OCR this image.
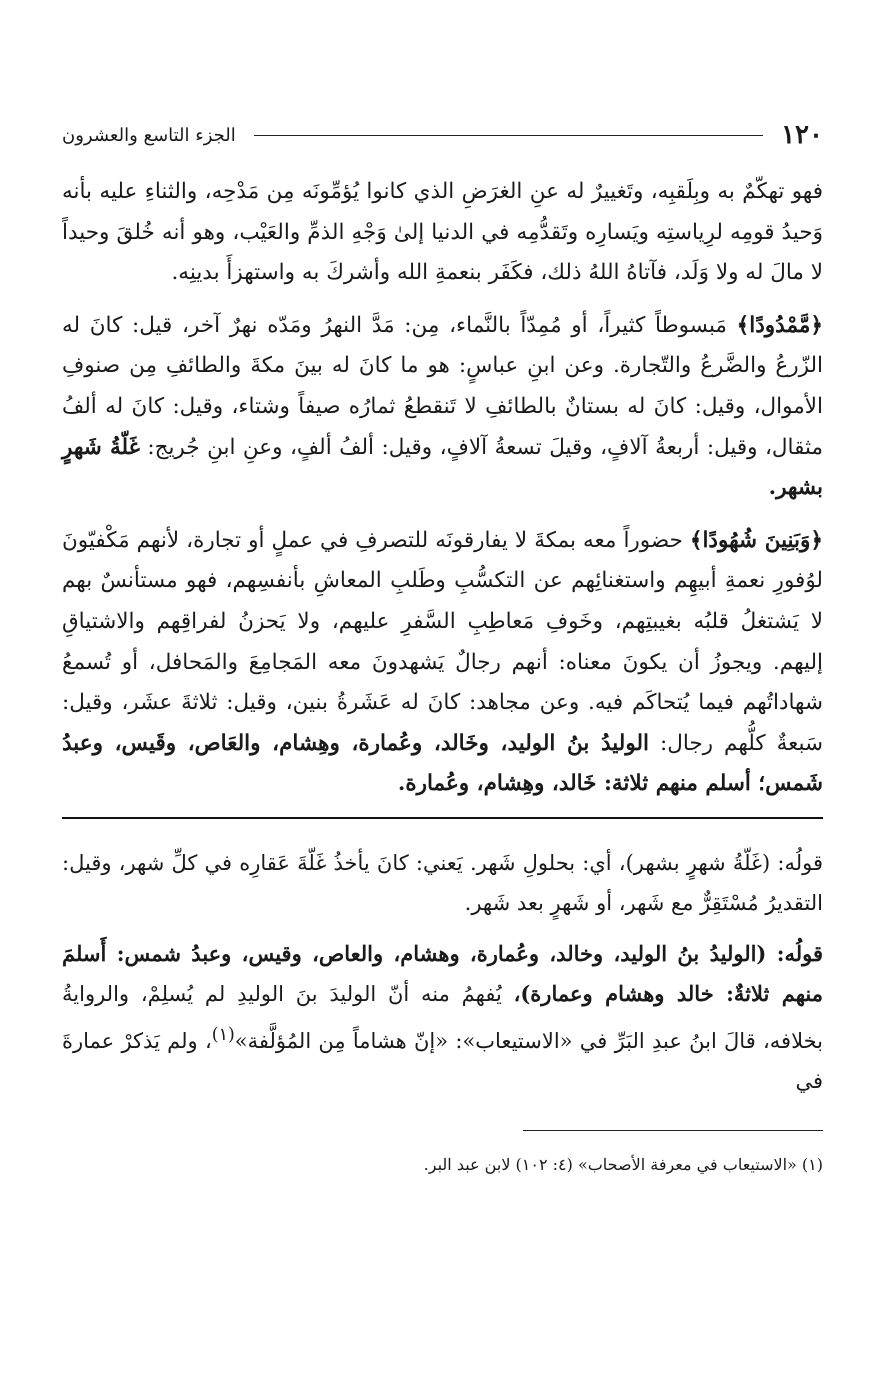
١٢٠
الجزء التاسع والعشرون

فهو تهكّمٌ به وبِلَقبِه، وتَغييرٌ له عنِ الغرَضِ الذي كانوا يُؤمِّونَه مِن مَدْحِه، والثناءِ عليه بأنه وَحيدُ قومِه لرِياستِه ويَسارِه وتَقدُّمِه في الدنيا إلىٰ وَجْهِ الذمِّ والعَيْب، وهو أنه خُلقَ وحيداً لا مالَ له ولا وَلَد، فآتاهُ اللهُ ذلك، فكَفَر بنعمةِ الله وأشركَ به واستهزأَ بدينِه.

﴿مَّمْدُودًا﴾ مَبسوطاً كثيراً، أو مُمِدّاً بالنَّماء، مِن: مَدَّ النهرُ ومَدّه نهرٌ آخر، قيل: كانَ له الزّرعُ والضَّرعُ والتّجارة. وعن ابنِ عباسٍ: هو ما كانَ له بينَ مكةَ والطائفِ مِن صنوفِ الأموال، وقيل: كانَ له بستانٌ بالطائفِ لا تَنقطعُ ثمارُه صيفاً وشتاء، وقيل: كانَ له ألفُ مثقال، وقيل: أربعةُ آلافٍ، وقيلَ تسعةُ آلافٍ، وقيل: ألفُ ألفٍ، وعنِ ابنِ جُريج: غَلّةُ شَهرٍ بشهر.

﴿وَبَنِينَ شُهُودًا﴾ حضوراً معه بمكةَ لا يفارقونَه للتصرفِ في عملٍ أو تجارة، لأنهم مَكْفيّونَ لوُفورِ نعمةِ أبيهِم واستغنائِهم عن التكسُّبِ وطَلبِ المعاشِ بأنفسِهم، فهو مستأنسٌ بهم لا يَشتغلُ قلبُه بغيبتِهم، وخَوفِ مَعاطِبِ السَّفرِ عليهم، ولا يَحزنُ لفراقِهم والاشتياقِ إليهم. ويجوزُ أن يكونَ معناه: أنهم رجالٌ يَشهدونَ معه المَجامِعَ والمَحافل، أو تُسمعُ شهاداتُهم فيما يُتحاكَم فيه. وعن مجاهد: كانَ له عَشَرةُ بنين، وقيل: ثلاثةَ عشَر، وقيل: سَبعةٌ كلُّهم رجال: الوليدُ بنُ الوليد، وخَالد، وعُمارة، وهِشام، والعَاص، وقَيس، وعبدُ شَمس؛ أسلم منهم ثلاثة: خَالد، وهِشام، وعُمارة.

قولُه: (غَلّةُ شهرٍ بشهر)، أي: بحلولِ شَهر. يَعني: كانَ يأخذُ غَلّةَ عَقارِه في كلِّ شهر، وقيل: التقديرُ مُسْتَقِرٌّ مع شَهر، أو شَهرٍ بعد شَهر.

قولُه: (الوليدُ بنُ الوليد، وخالد، وعُمارة، وهشام، والعاص، وقيس، وعبدُ شمس: أَسلمَ منهم ثلاثةٌ: خالد وهشام وعمارة)، يُفهمُ منه أنّ الوليدَ بنَ الوليدِ لم يُسلِمْ، والروايةُ بخلافه، قالَ ابنُ عبدِ البَرِّ في «الاستيعاب»: «إنّ هشاماً مِن المُؤلَّفة»$^{(١)}$، ولم يَذكرْ عمارةَ في

(١) «الاستيعاب في معرفة الأصحاب» (٤: ١٠٢) لابن عبد البر.
